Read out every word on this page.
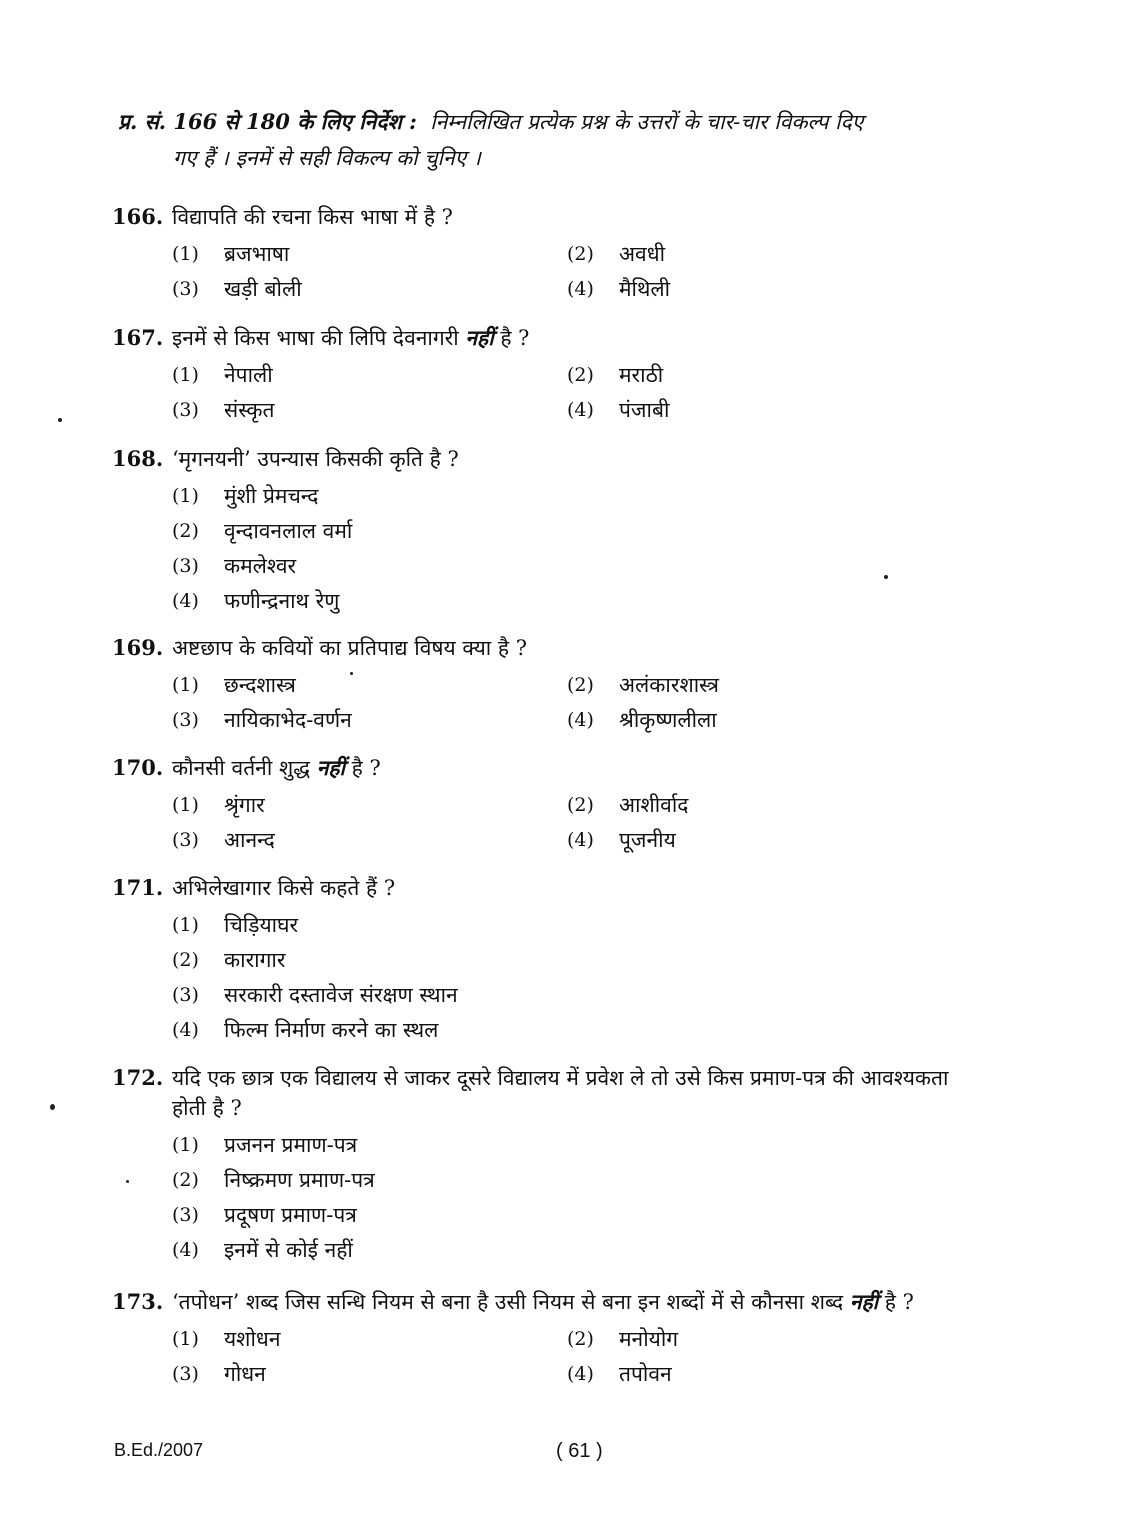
प्र. सं. 166 से 180 के लिए निर्देश : निम्नलिखित प्रत्येक प्रश्न के उत्तरों के चार-चार विकल्प दिए
गए हैं । इनमें से सही विकल्प को चुनिए ।
166. विद्यापति की रचना किस भाषा में है ?
(1)	ब्रजभाषा	(2)	अवधी
(3)	खड़ी बोली	(4)	मैथिली
167. इनमें से किस भाषा की लिपि देवनागरी नहीं है ?
(1)	नेपाली	(2)	मराठी
(3)	संस्कृत	(4)	पंजाबी
168. ‘मृगनयनी’ उपन्यास किसकी कृति है ?
(1)	मुंशी प्रेमचन्द
(2)	वृन्दावनलाल वर्मा
(3)	कमलेश्वर
(4)	फणीन्द्रनाथ रेणु
169. अष्टछाप के कवियों का प्रतिपाद्य विषय क्या है ?
(1)	छन्दशास्त्र	(2)	अलंकारशास्त्र
(3)	नायिकाभेद-वर्णन	(4)	श्रीकृष्णलीला
170. कौनसी वर्तनी शुद्ध नहीं है ?
(1)	श्रृंगार	(2)	आशीर्वाद
(3)	आनन्द	(4)	पूजनीय
171. अभिलेखागार किसे कहते हैं ?
(1)	चिड़ियाघर
(2)	कारागार
(3)	सरकारी दस्तावेज संरक्षण स्थान
(4)	फिल्म निर्माण करने का स्थल
172. यदि एक छात्र एक विद्यालय से जाकर दूसरे विद्यालय में प्रवेश ले तो उसे किस प्रमाण-पत्र की आवश्यकता
होती है ?
(1)	प्रजनन प्रमाण-पत्र
(2)	निष्क्रमण प्रमाण-पत्र
(3)	प्रदूषण प्रमाण-पत्र
(4)	इनमें से कोई नहीं
173. ‘तपोधन’ शब्द जिस सन्धि नियम से बना है उसी नियम से बना इन शब्दों में से कौनसा शब्द नहीं है ?
(1)	यशोधन	(2)	मनोयोग
(3)	गोधन	(4)	तपोवन
B.Ed./2007	( 61 )
